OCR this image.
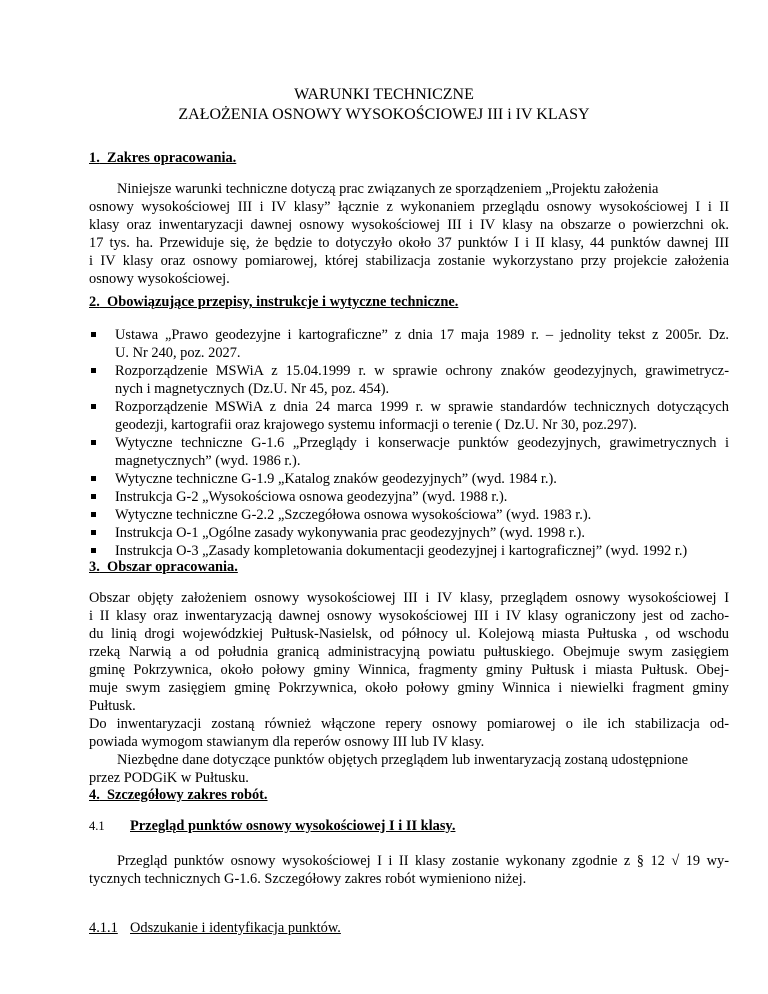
WARUNKI TECHNICZNE
ZAŁOŻENIA OSNOWY WYSOKOŚCIOWEJ III i IV KLASY
1. Zakres opracowania.
Niniejsze warunki techniczne dotyczą prac związanych ze sporządzeniem „Projektu założenia
osnowy wysokościowej III i IV klasy” łącznie z wykonaniem przeglądu osnowy wysokościowej I i II
klasy oraz inwentaryzacji dawnej osnowy wysokościowej III i IV klasy na obszarze o powierzchni ok.
17 tys. ha. Przewiduje się, że będzie to dotyczyło około 37 punktów I i II klasy, 44 punktów dawnej III
i IV klasy oraz osnowy pomiarowej, której stabilizacja zostanie wykorzystano przy projekcie założenia
osnowy wysokościowej.
2. Obowiązujące przepisy, instrukcje i wytyczne techniczne.
Ustawa „Prawo geodezyjne i kartograficzne” z dnia 17 maja 1989 r. – jednolity tekst z 2005r. Dz.
U. Nr 240, poz. 2027.
Rozporządzenie MSWiA z 15.04.1999 r. w sprawie ochrony znaków geodezyjnych, grawimetrycz-
nych i magnetycznych (Dz.U. Nr 45, poz. 454).
Rozporządzenie MSWiA z dnia 24 marca 1999 r. w sprawie standardów technicznych dotyczących
geodezji, kartografii oraz krajowego systemu informacji o terenie ( Dz.U. Nr 30, poz.297).
Wytyczne techniczne G-1.6 „Przeglądy i konserwacje punktów geodezyjnych, grawimetrycznych i
magnetycznych” (wyd. 1986 r.).
Wytyczne techniczne G-1.9 „Katalog znaków geodezyjnych” (wyd. 1984 r.).
Instrukcja G-2 „Wysokościowa osnowa geodezyjna” (wyd. 1988 r.).
Wytyczne techniczne G-2.2 „Szczegółowa osnowa wysokościowa” (wyd. 1983 r.).
Instrukcja O-1 „Ogólne zasady wykonywania prac geodezyjnych” (wyd. 1998 r.).
Instrukcja O-3 „Zasady kompletowania dokumentacji geodezyjnej i kartograficznej” (wyd. 1992 r.)
3. Obszar opracowania.
Obszar objęty założeniem osnowy wysokościowej III i IV klasy, przeglądem osnowy wysokościowej I
i II klasy oraz inwentaryzacją dawnej osnowy wysokościowej III i IV klasy ograniczony jest od zacho-
du linią drogi wojewódzkiej Pułtusk-Nasielsk, od północy ul. Kolejową miasta Pułtuska , od wschodu
rzeką Narwią a od południa granicą administracyjną powiatu pułtuskiego. Obejmuje swym zasięgiem
gminę Pokrzywnica, około połowy gminy Winnica, fragmenty gminy Pułtusk i miasta Pułtusk. Obej-
muje swym zasięgiem gminę Pokrzywnica, około połowy gminy Winnica i niewielki fragment gminy
Pułtusk.
Do inwentaryzacji zostaną również włączone repery osnowy pomiarowej o ile ich stabilizacja od-
powiada wymogom stawianym dla reperów osnowy III lub IV klasy.
Niezbędne dane dotyczące punktów objętych przeglądem lub inwentaryzacją zostaną udostępnione
przez PODGiK w Pułtusku.
4. Szczegółowy zakres robót.
4.1 Przegląd punktów osnowy wysokościowej I i II klasy.
Przegląd punktów osnowy wysokościowej I i II klasy zostanie wykonany zgodnie z § 12 √ 19 wy-
tycznych technicznych G-1.6. Szczegółowy zakres robót wymieniono niżej.
4.1.1 Odszukanie i identyfikacja punktów.
